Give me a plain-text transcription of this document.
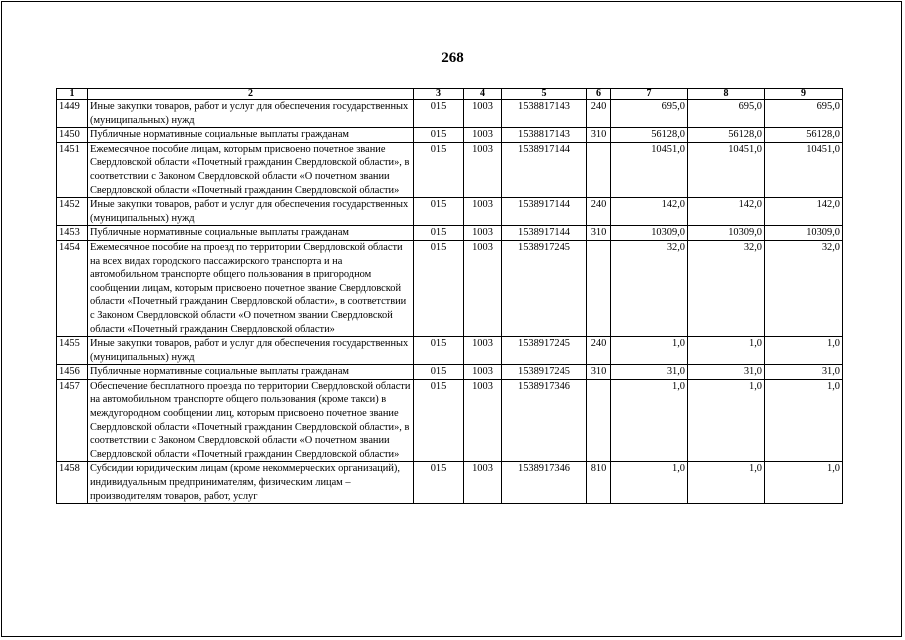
268
1	2	3	4	5	6	7	8	9
1449	Иные закупки товаров, работ и услуг для обеспечения государственных (муниципальных) нужд	015	1003	1538817143	240	695,0	695,0	695,0
1450	Публичные нормативные социальные выплаты гражданам	015	1003	1538817143	310	56128,0	56128,0	56128,0
1451	Ежемесячное пособие лицам, которым присвоено почетное звание Свердловской области «Почетный гражданин Свердловской области», в соответствии с Законом Свердловской области «О почетном звании Свердловской области «Почетный гражданин Свердловской области»	015	1003	1538917144		10451,0	10451,0	10451,0
1452	Иные закупки товаров, работ и услуг для обеспечения государственных (муниципальных) нужд	015	1003	1538917144	240	142,0	142,0	142,0
1453	Публичные нормативные социальные выплаты гражданам	015	1003	1538917144	310	10309,0	10309,0	10309,0
1454	Ежемесячное пособие на проезд по территории Свердловской области на всех видах городского пассажирского транспорта и на автомобильном транспорте общего пользования в пригородном сообщении лицам, которым присвоено почетное звание Свердловской области «Почетный гражданин Свердловской области», в соответствии с Законом Свердловской области «О почетном звании Свердловской области «Почетный гражданин Свердловской области»	015	1003	1538917245		32,0	32,0	32,0
1455	Иные закупки товаров, работ и услуг для обеспечения государственных (муниципальных) нужд	015	1003	1538917245	240	1,0	1,0	1,0
1456	Публичные нормативные социальные выплаты гражданам	015	1003	1538917245	310	31,0	31,0	31,0
1457	Обеспечение бесплатного проезда по территории Свердловской области на автомобильном транспорте общего пользования (кроме такси) в междугородном сообщении лиц, которым присвоено почетное звание Свердловской области «Почетный гражданин Свердловской области», в соответствии с Законом Свердловской области «О почетном звании Свердловской области «Почетный гражданин Свердловской области»	015	1003	1538917346		1,0	1,0	1,0
1458	Субсидии юридическим лицам (кроме некоммерческих организаций), индивидуальным предпринимателям, физическим лицам – производителям товаров, работ, услуг	015	1003	1538917346	810	1,0	1,0	1,0
